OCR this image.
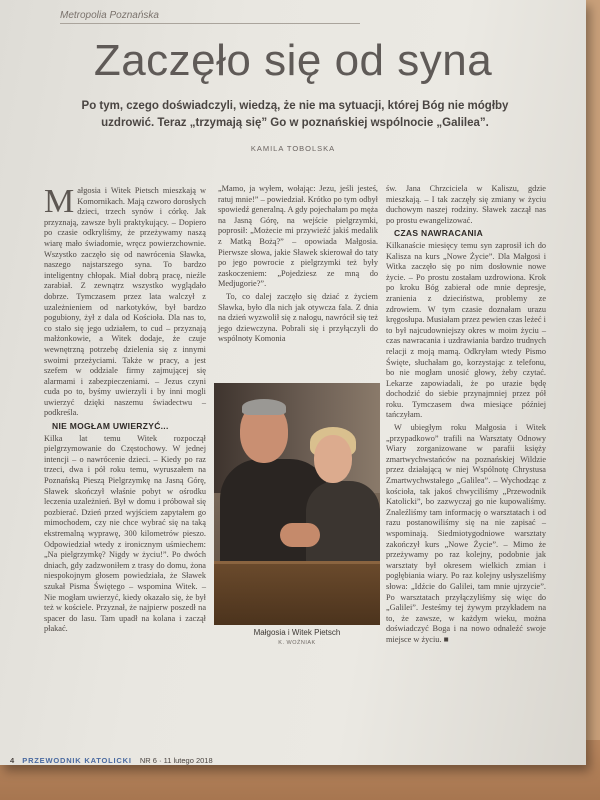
Metropolia Poznańska
Zaczęło się od syna
Po tym, czego doświadczyli, wiedzą, że nie ma sytuacji, której Bóg nie mógłby uzdrowić. Teraz „trzymają się” Go w poznańskiej wspólnocie „Galilea”.
KAMILA TOBOLSKA

Małgosia i Witek Pietsch mieszkają w Komornikach. Mają czworo dorosłych dzieci, trzech synów i córkę. Jak przyznają, zawsze byli praktykujący. – Dopiero po czasie odkryliśmy, że przeżywamy naszą wiarę mało świadomie, wręcz powierzchownie. Wszystko zaczęło się od nawrócenia Sławka, naszego najstarszego syna. To bardzo inteligentny chłopak. Miał dobrą pracę, nieźle zarabiał. Z zewnątrz wszystko wyglądało dobrze. Tymczasem przez lata walczył z uzależnieniem od narkotyków, był bardzo pogubiony, żył z dala od Kościoła. Dla nas to, co stało się jego udziałem, to cud – przyznają małżonkowie, a Witek dodaje, że czuje wewnętrzną potrzebę dzielenia się z innymi swoimi przeżyciami. Także w pracy, a jest szefem w oddziale firmy zajmującej się alarmami i zabezpieczeniami. – Jezus czyni cuda po to, byśmy uwierzyli i by inni mogli uwierzyć dzięki naszemu świadectwu – podkreśla.

NIE MOGŁAM UWIERZYĆ...

Kilka lat temu Witek rozpoczął pielgrzymowanie do Częstochowy. W jednej intencji – o nawrócenie dzieci. – Kiedy po raz trzeci, dwa i pół roku temu, wyruszałem na Poznańską Pieszą Pielgrzymkę na Jasną Górę, Sławek skończył właśnie pobyt w ośrodku leczenia uzależnień. Był w domu i próbował się pozbierać. Dzień przed wyjściem zapytałem go mimochodem, czy nie chce wybrać się na taką ekstremalną wyprawę, 300 kilometrów pieszo. Odpowiedział wtedy z ironicznym uśmiechem: „Na pielgrzymkę? Nigdy w życiu!”. Po dwóch dniach, gdy zadzwoniłem z trasy do domu, żona niespokojnym głosem powiedziała, że Sławek szukał Pisma Świętego – wspomina Witek. – Nie mogłam uwierzyć, kiedy okazało się, że był też w kościele. Przyznał, że najpierw poszedł na spacer do lasu. Tam upadł na kolana i zaczął płakać.

„Mamo, ja wyłem, wołając: Jezu, jeśli jesteś, ratuj mnie!” – powiedział. Krótko po tym odbył spowiedź generalną. A gdy pojechałam po męża na Jasną Górę, na wejście pielgrzymki, poprosił: „Możecie mi przywieźć jakiś medalik z Matką Bożą?” – opowiada Małgosia. Pierwsze słowa, jakie Sławek skierował do taty po jego powrocie z pielgrzymki też były zaskoczeniem: „Pojedziesz ze mną do Medjugorie?”.

To, co dalej zaczęło się dziać z życiem Sławka, było dla nich jak otywcza fala. Z dnia na dzień wyzwolił się z nałogu, nawrócił się też jego dziewczyna. Pobrali się i przyłączyli do wspólnoty Komonia

Małgosia i Witek Pietsch
K. WOŹNIAK

św. Jana Chrzciciela w Kaliszu, gdzie mieszkają. – I tak zaczęły się zmiany w życiu duchowym naszej rodziny. Sławek zaczął nas po prostu ewangelizować.

CZAS NAWRACANIA

Kilkanaście miesięcy temu syn zaprosił ich do Kalisza na kurs „Nowe Życie”. Dla Małgosi i Witka zaczęło się po nim dosłownie nowe życie. – Po prostu zostałam uzdrowiona. Krok po kroku Bóg zabierał ode mnie depresje, zranienia z dzieciństwa, problemy ze zdrowiem. W tym czasie doznałam urazu kręgosłupa. Musiałam przez pewien czas leżeć i to był najcudowniejszy okres w moim życiu – czas nawracania i uzdrawiania bardzo trudnych relacji z moją mamą. Odkryłam wtedy Pismo Święte, słuchałam go, korzystając z telefonu, bo nie mogłam unosić głowy, żeby czytać. Lekarze zapowiadali, że po urazie będę dochodzić do siebie przynajmniej przez pół roku. Tymczasem dwa miesiące później tańczyłam.

W ubiegłym roku Małgosia i Witek „przypadkowo” trafili na Warsztaty Odnowy Wiary zorganizowane w parafii księży zmartwychwstańców na poznańskiej Wildzie przez działającą w niej Wspólnotę Chrystusa Zmartwychwstałego „Galilea”. – Wychodząc z kościoła, tak jakoś chwyciliśmy „Przewodnik Katolicki”, bo zazwyczaj go nie kupowaliśmy. Znaleźliśmy tam informację o warsztatach i od razu postanowiliśmy się na nie zapisać – wspominają. Siedmiotygodniowe warsztaty zakończył kurs „Nowe Życie”. – Mimo że przeżywamy po raz kolejny, podobnie jak warsztaty był okresem wielkich zmian i pogłębiania wiary. Po raz kolejny usłyszeliśmy słowa: „Idźcie do Galilei, tam mnie ujrzycie”. Po warsztatach przyłączyliśmy się więc do „Galilei”. Jesteśmy tej żywym przykładem na to, że zawsze, w każdym wieku, można doświadczyć Boga i na nowo odnaleźć swoje miejsce w życiu. ■

4 PRZEWODNIK KATOLICKI NR 6 · 11 lutego 2018
